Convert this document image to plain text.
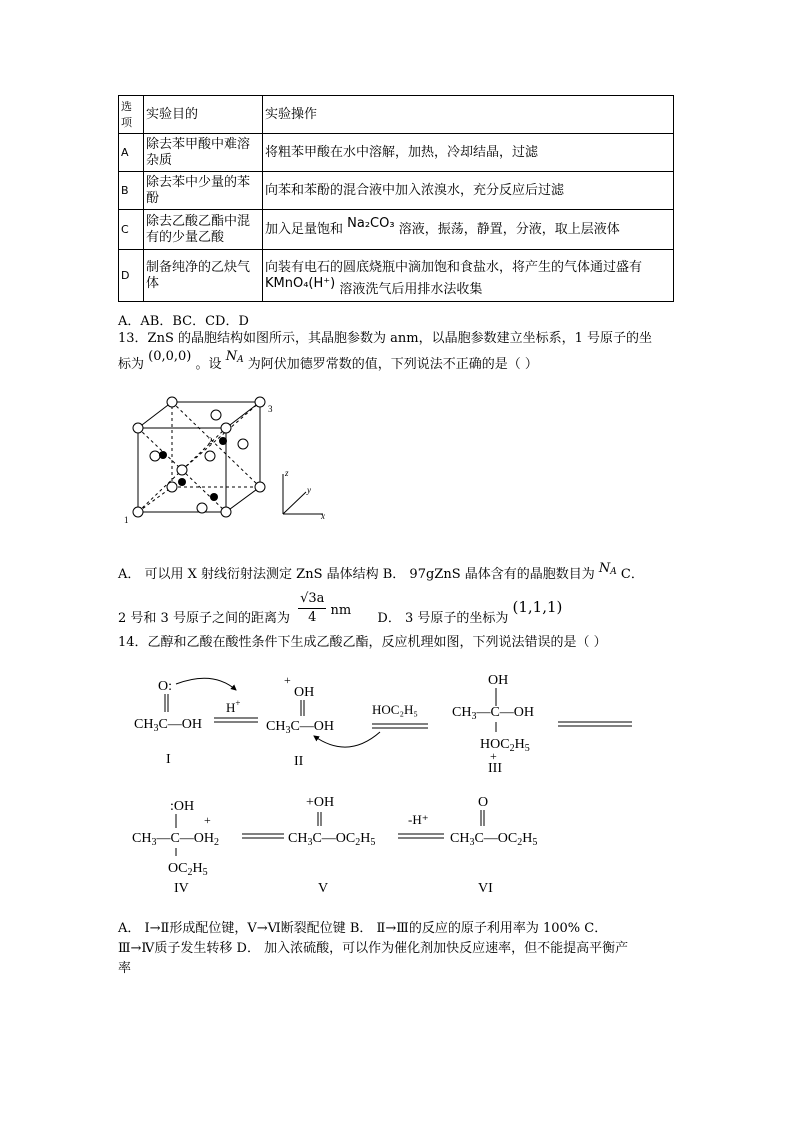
选项	实验目的	实验操作
A	除去苯甲酸中难溶杂质	将粗苯甲酸在水中溶解，加热，冷却结晶，过滤
B	除去苯中少量的苯酚	向苯和苯酚的混合液中加入浓溴水，充分反应后过滤
C	除去乙酸乙酯中混有的少量乙酸	加入足量饱和 Na₂CO₃ 溶液，振荡，静置，分液，取上层液体
D	制备纯净的乙炔气体	向装有电石的圆底烧瓶中滴加饱和食盐水，将产生的气体通过盛有
KMnO₄(H⁺) 溶液洗气后用排水法收集
A．AB．BC．CD．D
13．ZnS 的晶胞结构如图所示，其晶胞参数为 anm，以晶胞参数建立坐标系，1 号原子的坐
标为 (0,0,0) 。设 $N_A$ 为阿伏加德罗常数的值，下列说法不正确的是（ ）
3
2
1
z
y
x
A． 可以用 X 射线衍射法测定 ZnS 晶体结构 B． 97gZnS 晶体含有的晶胞数目为 $N_A$ C．
2 号和 3 号原子之间的距离为 $\frac{√3a}{4}$ nm D． 3 号原子的坐标为 (1,1,1)
14．乙醇和乙酸在酸性条件下生成乙酸乙酯，反应机理如图，下列说法错误的是（ ）
O:
$CH_3C—OH$
H+
I
+
OH
$CH_3C—OH$
II
HOC₂H₅
OH
$CH_3—C—OH$
$HOC_2H_5$
+
III
:OH
$CH_3—C—OH_2$
+
$OC_2H_5$
IV
+OH
$CH_3C—OC_2H_5$
V
-H⁺
O
$CH_3C—OC_2H_5$
VI
A． Ⅰ→Ⅱ形成配位键，Ⅴ→Ⅵ断裂配位键 B． Ⅱ→Ⅲ的反应的原子利用率为 100% C．
Ⅲ→Ⅳ质子发生转移 D． 加入浓硫酸，可以作为催化剂加快反应速率，但不能提高平衡产
率
